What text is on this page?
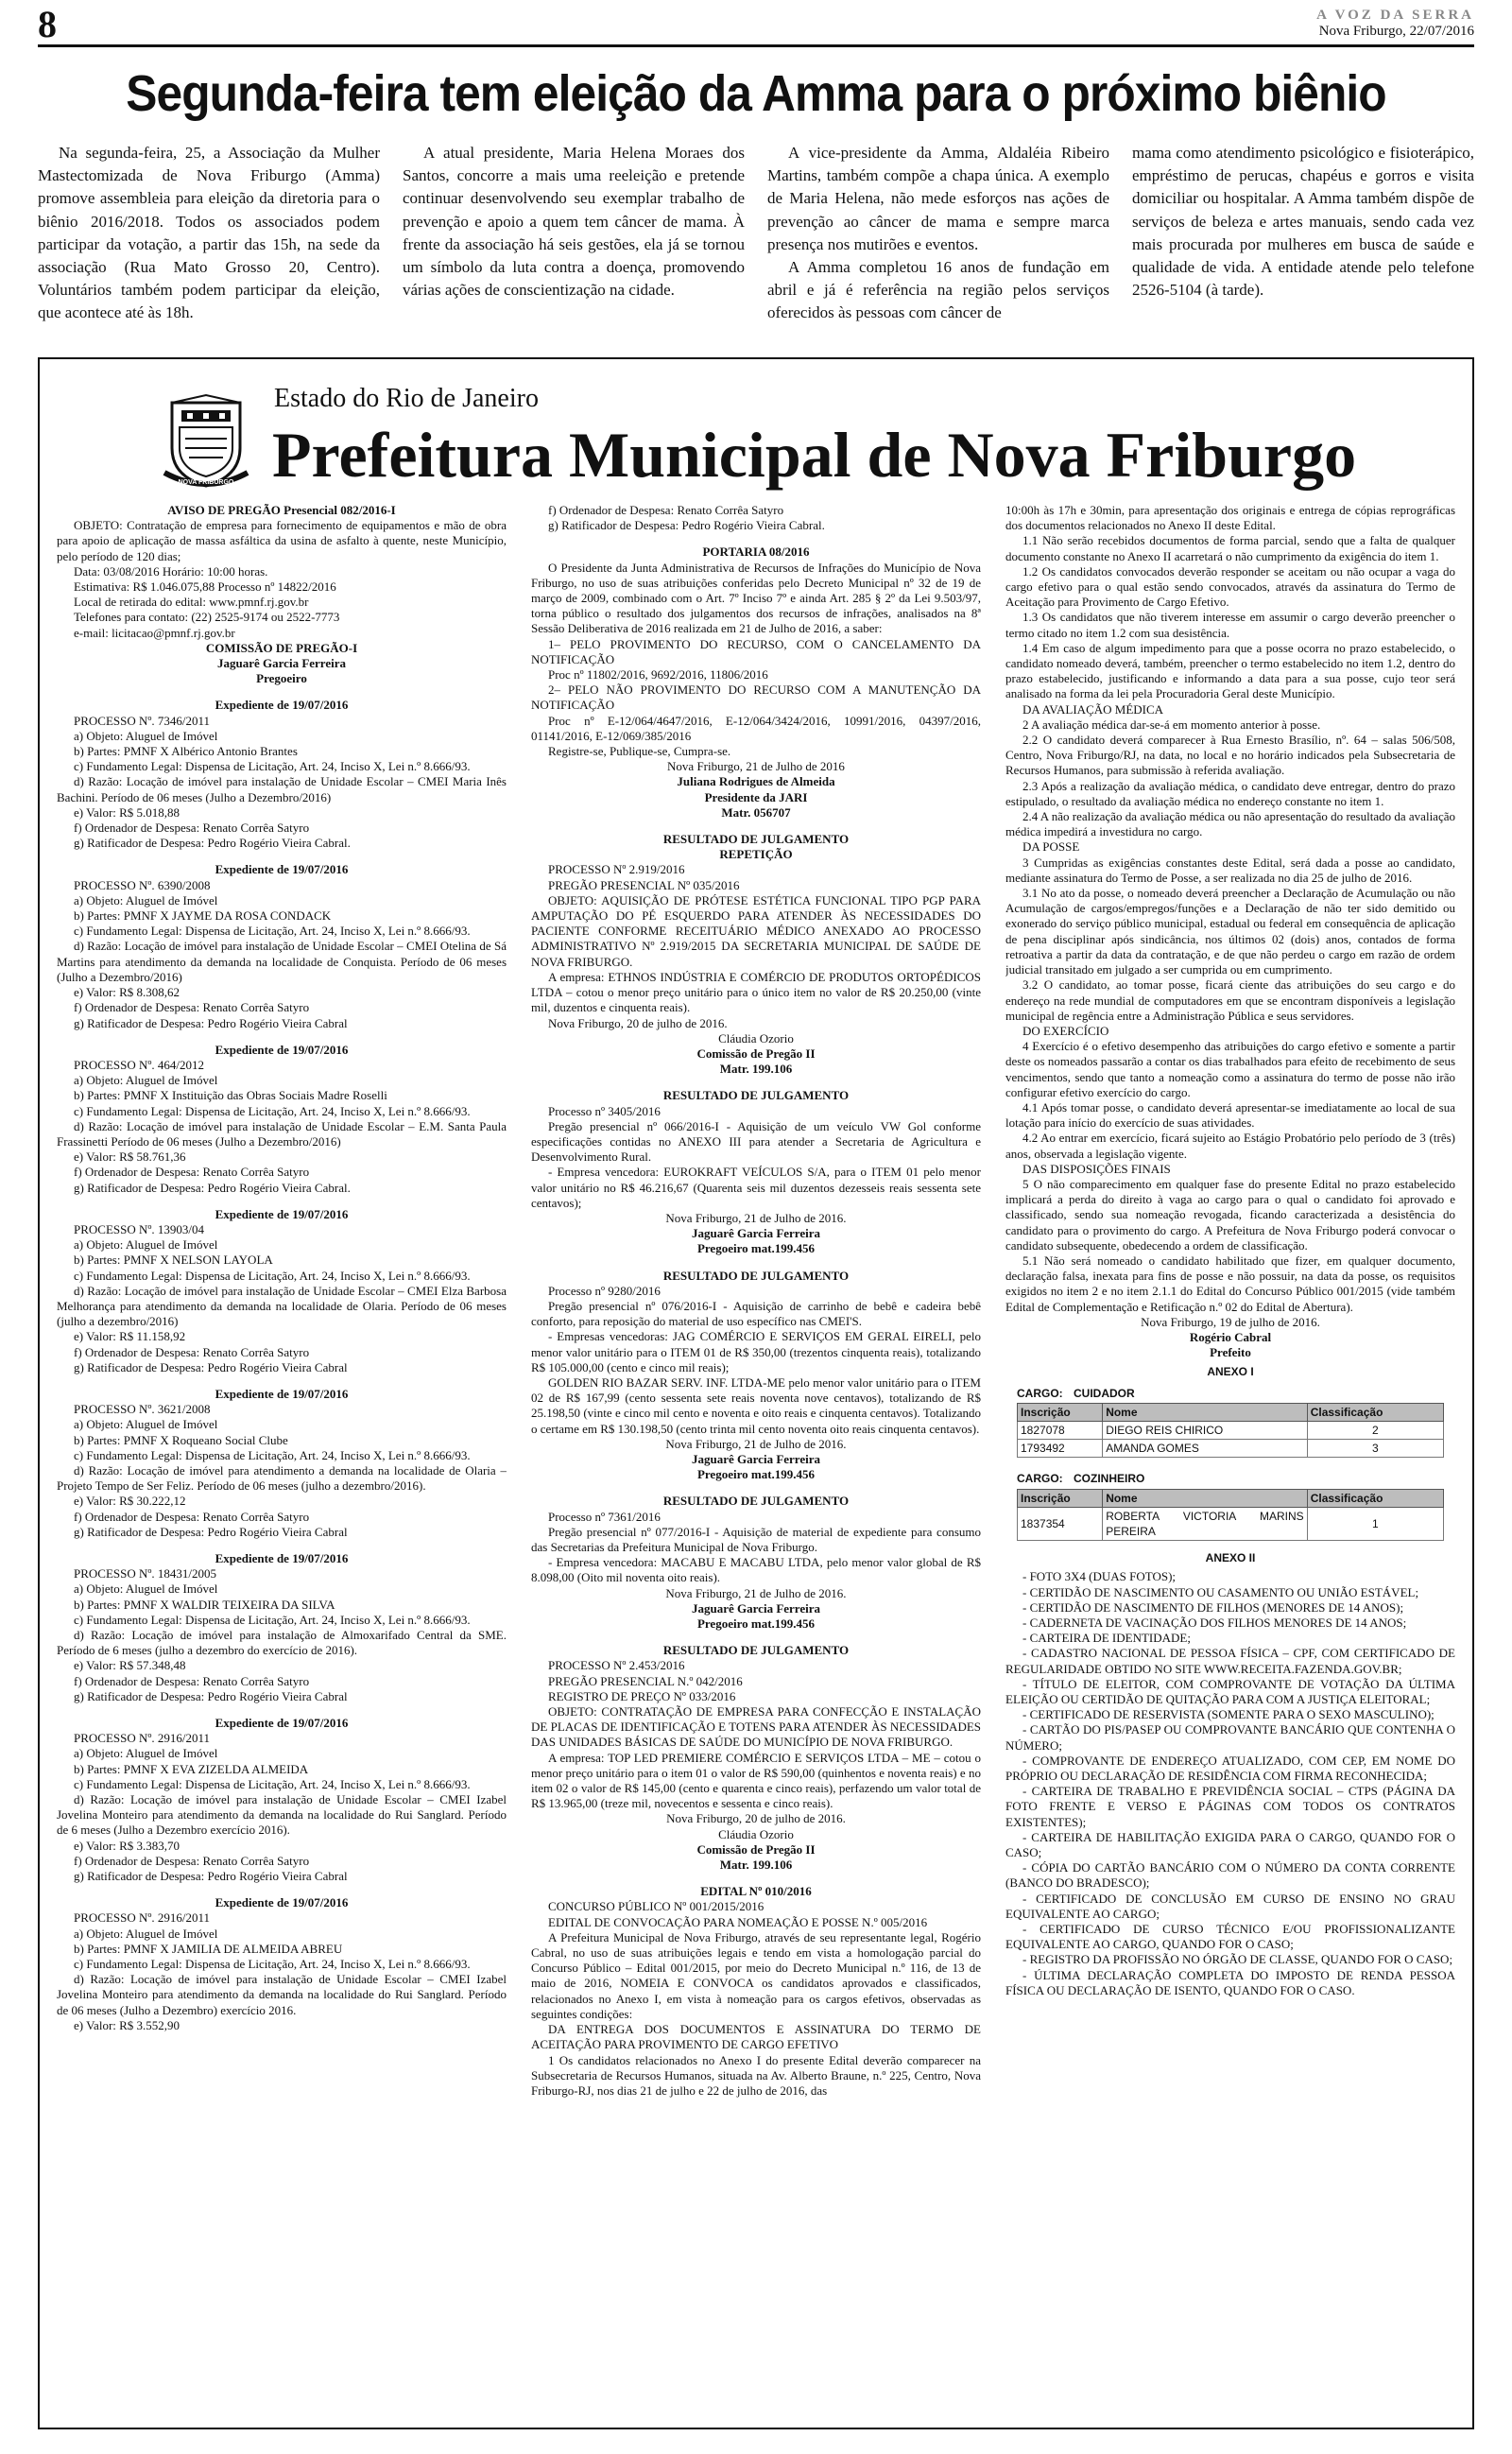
8	A VOZ DA SERRA
Nova Friburgo, 22/07/2016
Segunda-feira tem eleição da Amma para o próximo biênio

Na segunda-feira, 25, a Associação da Mulher Mastectomizada de Nova Friburgo (Amma) promove assembleia para eleição da diretoria para o biênio 2016/2018. Todos os associados podem participar da votação, a partir das 15h, na sede da associação (Rua Mato Grosso 20, Centro). Voluntários também podem participar da eleição, que acontece até às 18h.

A atual presidente, Maria Helena Moraes dos Santos, concorre a mais uma reeleição e pretende continuar desenvolvendo seu exemplar trabalho de prevenção e apoio a quem tem câncer de mama. À frente da associação há seis gestões, ela já se tornou um símbolo da luta contra a doença, promovendo várias ações de conscientização na cidade.

A vice-presidente da Amma, Aldaléia Ribeiro Martins, também compõe a chapa única. A exemplo de Maria Helena, não mede esforços nas ações de prevenção ao câncer de mama e sempre marca presença nos mutirões e eventos.

A Amma completou 16 anos de fundação em abril e já é referência na região pelos serviços oferecidos às pessoas com câncer de

mama como atendimento psicológico e fisioterápico, empréstimo de perucas, chapéus e gorros e visita domiciliar ou hospitalar. A Amma também dispõe de serviços de beleza e artes manuais, sendo cada vez mais procurada por mulheres em busca de saúde e qualidade de vida. A entidade atende pelo telefone 2526-5104 (à tarde).

NOVA FRIBURGO
Estado do Rio de Janeiro
Prefeitura Municipal de Nova Friburgo
AVISO DE PREGÃO Presencial 082/2016-I
OBJETO: Contratação de empresa para fornecimento de equipamentos e mão de obra para apoio de aplicação de massa asfáltica da usina de asfalto à quente, neste Município, pelo período de 120 dias;
Data: 03/08/2016 Horário: 10:00 horas.
Estimativa: R$ 1.046.075,88 Processo nº 14822/2016
Local de retirada do edital: www.pmnf.rj.gov.br
Telefones para contato: (22) 2525-9174 ou 2522-7773
e-mail: licitacao@pmnf.rj.gov.br
COMISSÃO DE PREGÃO-I
Jaguarê Garcia Ferreira
Pregoeiro
Expediente de 19/07/2016
PROCESSO Nº. 7346/2011
a) Objeto: Aluguel de Imóvel
b) Partes: PMNF X Albérico Antonio Brantes
c) Fundamento Legal: Dispensa de Licitação, Art. 24, Inciso X, Lei n.º 8.666/93.
d) Razão: Locação de imóvel para instalação de Unidade Escolar – CMEI Maria Inês Bachini. Período de 06 meses (Julho a Dezembro/2016)
e) Valor: R$ 5.018,88
f) Ordenador de Despesa: Renato Corrêa Satyro
g) Ratificador de Despesa: Pedro Rogério Vieira Cabral.
Expediente de 19/07/2016
PROCESSO Nº. 6390/2008
a) Objeto: Aluguel de Imóvel
b) Partes: PMNF X JAYME DA ROSA CONDACK
c) Fundamento Legal: Dispensa de Licitação, Art. 24, Inciso X, Lei n.º 8.666/93.
d) Razão: Locação de imóvel para instalação de Unidade Escolar – CMEI Otelina de Sá Martins para atendimento da demanda na localidade de Conquista. Período de 06 meses (Julho a Dezembro/2016)
e) Valor: R$ 8.308,62
f) Ordenador de Despesa: Renato Corrêa Satyro
g) Ratificador de Despesa: Pedro Rogério Vieira Cabral
Expediente de 19/07/2016
PROCESSO Nº. 464/2012
a) Objeto: Aluguel de Imóvel
b) Partes: PMNF X Instituição das Obras Sociais Madre Roselli
c) Fundamento Legal: Dispensa de Licitação, Art. 24, Inciso X, Lei n.º 8.666/93.
d) Razão: Locação de imóvel para instalação de Unidade Escolar – E.M. Santa Paula Frassinetti Período de 06 meses (Julho a Dezembro/2016)
e) Valor: R$ 58.761,36
f) Ordenador de Despesa: Renato Corrêa Satyro
g) Ratificador de Despesa: Pedro Rogério Vieira Cabral.
Expediente de 19/07/2016
PROCESSO Nº. 13903/04
a) Objeto: Aluguel de Imóvel
b) Partes: PMNF X NELSON LAYOLA
c) Fundamento Legal: Dispensa de Licitação, Art. 24, Inciso X, Lei n.º 8.666/93.
d) Razão: Locação de imóvel para instalação de Unidade Escolar – CMEI Elza Barbosa Melhorança para atendimento da demanda na localidade de Olaria. Período de 06 meses (julho a dezembro/2016)
e) Valor: R$ 11.158,92
f) Ordenador de Despesa: Renato Corrêa Satyro
g) Ratificador de Despesa: Pedro Rogério Vieira Cabral
Expediente de 19/07/2016
PROCESSO Nº. 3621/2008
a) Objeto: Aluguel de Imóvel
b) Partes: PMNF X Roqueano Social Clube
c) Fundamento Legal: Dispensa de Licitação, Art. 24, Inciso X, Lei n.º 8.666/93.
d) Razão: Locação de imóvel para atendimento a demanda na localidade de Olaria – Projeto Tempo de Ser Feliz. Período de 06 meses (julho a dezembro/2016).
e) Valor: R$ 30.222,12
f) Ordenador de Despesa: Renato Corrêa Satyro
g) Ratificador de Despesa: Pedro Rogério Vieira Cabral
Expediente de 19/07/2016
PROCESSO Nº. 18431/2005
a) Objeto: Aluguel de Imóvel
b) Partes: PMNF X WALDIR TEIXEIRA DA SILVA
c) Fundamento Legal: Dispensa de Licitação, Art. 24, Inciso X, Lei n.º 8.666/93.
d) Razão: Locação de imóvel para instalação de Almoxarifado Central da SME. Período de 6 meses (julho a dezembro do exercício de 2016).
e) Valor: R$ 57.348,48
f) Ordenador de Despesa: Renato Corrêa Satyro
g) Ratificador de Despesa: Pedro Rogério Vieira Cabral
Expediente de 19/07/2016
PROCESSO Nº. 2916/2011
a) Objeto: Aluguel de Imóvel
b) Partes: PMNF X EVA ZIZELDA ALMEIDA
c) Fundamento Legal: Dispensa de Licitação, Art. 24, Inciso X, Lei n.º 8.666/93.
d) Razão: Locação de imóvel para instalação de Unidade Escolar – CMEI Izabel Jovelina Monteiro para atendimento da demanda na localidade do Rui Sanglard. Período de 6 meses (Julho a Dezembro exercício 2016).
e) Valor: R$ 3.383,70
f) Ordenador de Despesa: Renato Corrêa Satyro
g) Ratificador de Despesa: Pedro Rogério Vieira Cabral
Expediente de 19/07/2016
PROCESSO Nº. 2916/2011
a) Objeto: Aluguel de Imóvel
b) Partes: PMNF X JAMILIA DE ALMEIDA ABREU
c) Fundamento Legal: Dispensa de Licitação, Art. 24, Inciso X, Lei n.º 8.666/93.
d) Razão: Locação de imóvel para instalação de Unidade Escolar – CMEI Izabel Jovelina Monteiro para atendimento da demanda na localidade do Rui Sanglard. Período de 06 meses (Julho a Dezembro) exercício 2016.
e) Valor: R$ 3.552,90
f) Ordenador de Despesa: Renato Corrêa Satyro
g) Ratificador de Despesa: Pedro Rogério Vieira Cabral.
PORTARIA 08/2016
O Presidente da Junta Administrativa de Recursos de Infrações do Município de Nova Friburgo, no uso de suas atribuições conferidas pelo Decreto Municipal nº 32 de 19 de março de 2009, combinado com o Art. 7º Inciso 7º e ainda Art. 285 § 2º da Lei 9.503/97, torna público o resultado dos julgamentos dos recursos de infrações, analisados na 8ª Sessão Deliberativa de 2016 realizada em 21 de Julho de 2016, a saber:
1– PELO PROVIMENTO DO RECURSO, COM O CANCELAMENTO DA NOTIFICAÇÃO
Proc nº 11802/2016, 9692/2016, 11806/2016
2– PELO NÃO PROVIMENTO DO RECURSO COM A MANUTENÇÃO DA NOTIFICAÇÃO
Proc nº E-12/064/4647/2016, E-12/064/3424/2016, 10991/2016, 04397/2016, 01141/2016, E-12/069/385/2016
Registre-se, Publique-se, Cumpra-se.
Nova Friburgo, 21 de Julho de 2016
Juliana Rodrigues de Almeida
Presidente da JARI
Matr. 056707
RESULTADO DE JULGAMENTO
REPETIÇÃO
PROCESSO Nº 2.919/2016
PREGÃO PRESENCIAL Nº 035/2016
OBJETO: AQUISIÇÃO DE PRÓTESE ESTÉTICA FUNCIONAL TIPO PGP PARA AMPUTAÇÃO DO PÉ ESQUERDO PARA ATENDER ÀS NECESSIDADES DO PACIENTE CONFORME RECEITUÁRIO MÉDICO ANEXADO AO PROCESSO ADMINISTRATIVO Nº 2.919/2015 DA SECRETARIA MUNICIPAL DE SAÚDE DE NOVA FRIBURGO.
A empresa: ETHNOS INDÚSTRIA E COMÉRCIO DE PRODUTOS ORTOPÉDICOS LTDA – cotou o menor preço unitário para o único item no valor de R$ 20.250,00 (vinte mil, duzentos e cinquenta reais).
Nova Friburgo, 20 de julho de 2016.
Cláudia Ozorio
Comissão de Pregão II
Matr. 199.106
RESULTADO DE JULGAMENTO
Processo nº 3405/2016
Pregão presencial nº 066/2016-I - Aquisição de um veículo VW Gol conforme especificações contidas no ANEXO III para atender a Secretaria de Agricultura e Desenvolvimento Rural.
- Empresa vencedora: EUROKRAFT VEÍCULOS S/A, para o ITEM 01 pelo menor valor unitário no R$ 46.216,67 (Quarenta seis mil duzentos dezesseis reais sessenta sete centavos);
Nova Friburgo, 21 de Julho de 2016.
Jaguarê Garcia Ferreira
Pregoeiro mat.199.456
RESULTADO DE JULGAMENTO
Processo nº 9280/2016
Pregão presencial nº 076/2016-I - Aquisição de carrinho de bebê e cadeira bebê conforto, para reposição do material de uso específico nas CMEI'S.
- Empresas vencedoras: JAG COMÉRCIO E SERVIÇOS EM GERAL EIRELI, pelo menor valor unitário para o ITEM 01 de R$ 350,00 (trezentos cinquenta reais), totalizando R$ 105.000,00 (cento e cinco mil reais);
GOLDEN RIO BAZAR SERV. INF. LTDA-ME pelo menor valor unitário para o ITEM 02 de R$ 167,99 (cento sessenta sete reais noventa nove centavos), totalizando de R$ 25.198,50 (vinte e cinco mil cento e noventa e oito reais e cinquenta centavos). Totalizando o certame em R$ 130.198,50 (cento trinta mil cento noventa oito reais cinquenta centavos).
Nova Friburgo, 21 de Julho de 2016.
Jaguarê Garcia Ferreira
Pregoeiro mat.199.456
RESULTADO DE JULGAMENTO
Processo nº 7361/2016
Pregão presencial nº 077/2016-I - Aquisição de material de expediente para consumo das Secretarias da Prefeitura Municipal de Nova Friburgo.
- Empresa vencedora: MACABU E MACABU LTDA, pelo menor valor global de R$ 8.098,00 (Oito mil noventa oito reais).
Nova Friburgo, 21 de Julho de 2016.
Jaguarê Garcia Ferreira
Pregoeiro mat.199.456
RESULTADO DE JULGAMENTO
PROCESSO Nº 2.453/2016
PREGÃO PRESENCIAL N.º 042/2016
REGISTRO DE PREÇO Nº 033/2016
OBJETO: CONTRATAÇÃO DE EMPRESA PARA CONFECÇÃO E INSTALAÇÃO DE PLACAS DE IDENTIFICAÇÃO E TOTENS PARA ATENDER ÀS NECESSIDADES DAS UNIDADES BÁSICAS DE SAÚDE DO MUNICÍPIO DE NOVA FRIBURGO.
A empresa: TOP LED PREMIERE COMÉRCIO E SERVIÇOS LTDA – ME – cotou o menor preço unitário para o item 01 o valor de R$ 590,00 (quinhentos e noventa reais) e no item 02 o valor de R$ 145,00 (cento e quarenta e cinco reais), perfazendo um valor total de R$ 13.965,00 (treze mil, novecentos e sessenta e cinco reais).
Nova Friburgo, 20 de julho de 2016.
Cláudia Ozorio
Comissão de Pregão II
Matr. 199.106
EDITAL Nº 010/2016
CONCURSO PÚBLICO Nº 001/2015/2016
EDITAL DE CONVOCAÇÃO PARA NOMEAÇÃO E POSSE N.º 005/2016
A Prefeitura Municipal de Nova Friburgo, através de seu representante legal, Rogério Cabral, no uso de suas atribuições legais e tendo em vista a homologação parcial do Concurso Público – Edital 001/2015, por meio do Decreto Municipal n.º 116, de 13 de maio de 2016, NOMEIA E CONVOCA os candidatos aprovados e classificados, relacionados no Anexo I, em vista à nomeação para os cargos efetivos, observadas as seguintes condições:
DA ENTREGA DOS DOCUMENTOS E ASSINATURA DO TERMO DE ACEITAÇÃO PARA PROVIMENTO DE CARGO EFETIVO
1 Os candidatos relacionados no Anexo I do presente Edital deverão comparecer na Subsecretaria de Recursos Humanos, situada na Av. Alberto Braune, n.º 225, Centro, Nova Friburgo-RJ, nos dias 21 de julho e 22 de julho de 2016, das
10:00h às 17h e 30min, para apresentação dos originais e entrega de cópias reprográficas dos documentos relacionados no Anexo II deste Edital.
1.1 Não serão recebidos documentos de forma parcial, sendo que a falta de qualquer documento constante no Anexo II acarretará o não cumprimento da exigência do item 1.
1.2 Os candidatos convocados deverão responder se aceitam ou não ocupar a vaga do cargo efetivo para o qual estão sendo convocados, através da assinatura do Termo de Aceitação para Provimento de Cargo Efetivo.
1.3 Os candidatos que não tiverem interesse em assumir o cargo deverão preencher o termo citado no item 1.2 com sua desistência.
1.4 Em caso de algum impedimento para que a posse ocorra no prazo estabelecido, o candidato nomeado deverá, também, preencher o termo estabelecido no item 1.2, dentro do prazo estabelecido, justificando e informando a data para a sua posse, cujo teor será analisado na forma da lei pela Procuradoria Geral deste Município.
DA AVALIAÇÃO MÉDICA
2 A avaliação médica dar-se-á em momento anterior à posse.
2.2 O candidato deverá comparecer à Rua Ernesto Brasílio, nº. 64 – salas 506/508, Centro, Nova Friburgo/RJ, na data, no local e no horário indicados pela Subsecretaria de Recursos Humanos, para submissão à referida avaliação.
2.3 Após a realização da avaliação médica, o candidato deve entregar, dentro do prazo estipulado, o resultado da avaliação médica no endereço constante no item 1.
2.4 A não realização da avaliação médica ou não apresentação do resultado da avaliação médica impedirá a investidura no cargo.
DA POSSE
3 Cumpridas as exigências constantes deste Edital, será dada a posse ao candidato, mediante assinatura do Termo de Posse, a ser realizada no dia 25 de julho de 2016.
3.1 No ato da posse, o nomeado deverá preencher a Declaração de Acumulação ou não Acumulação de cargos/empregos/funções e a Declaração de não ter sido demitido ou exonerado do serviço público municipal, estadual ou federal em consequência de aplicação de pena disciplinar após sindicância, nos últimos 02 (dois) anos, contados de forma retroativa a partir da data da contratação, e de que não perdeu o cargo em razão de ordem judicial transitado em julgado a ser cumprida ou em cumprimento.
3.2 O candidato, ao tomar posse, ficará ciente das atribuições do seu cargo e do endereço na rede mundial de computadores em que se encontram disponíveis a legislação municipal de regência entre a Administração Pública e seus servidores.
DO EXERCÍCIO
4 Exercício é o efetivo desempenho das atribuições do cargo efetivo e somente a partir deste os nomeados passarão a contar os dias trabalhados para efeito de recebimento de seus vencimentos, sendo que tanto a nomeação como a assinatura do termo de posse não irão configurar efetivo exercício do cargo.
4.1 Após tomar posse, o candidato deverá apresentar-se imediatamente ao local de sua lotação para início do exercício de suas atividades.
4.2 Ao entrar em exercício, ficará sujeito ao Estágio Probatório pelo período de 3 (três) anos, observada a legislação vigente.
DAS DISPOSIÇÕES FINAIS
5 O não comparecimento em qualquer fase do presente Edital no prazo estabelecido implicará a perda do direito à vaga ao cargo para o qual o candidato foi aprovado e classificado, sendo sua nomeação revogada, ficando caracterizada a desistência do candidato para o provimento do cargo. A Prefeitura de Nova Friburgo poderá convocar o candidato subsequente, obedecendo a ordem de classificação.
5.1 Não será nomeado o candidato habilitado que fizer, em qualquer documento, declaração falsa, inexata para fins de posse e não possuir, na data da posse, os requisitos exigidos no item 2 e no item 2.1.1 do Edital do Concurso Público 001/2015 (vide também Edital de Complementação e Retificação n.º 02 do Edital de Abertura).
Nova Friburgo, 19 de julho de 2016.
Rogério Cabral
Prefeito
ANEXO I
CARGO: CUIDADOR
Inscrição	Nome	Classificação
1827078	DIEGO REIS CHIRICO	2
1793492	AMANDA GOMES	3
CARGO: COZINHEIRO
Inscrição	Nome	Classificação
1837354	ROBERTA VICTORIA MARINS PEREIRA	1
ANEXO II
- FOTO 3X4 (DUAS FOTOS);
- CERTIDÃO DE NASCIMENTO OU CASAMENTO OU UNIÃO ESTÁVEL;
- CERTIDÃO DE NASCIMENTO DE FILHOS (MENORES DE 14 ANOS);
- CADERNETA DE VACINAÇÃO DOS FILHOS MENORES DE 14 ANOS;
- CARTEIRA DE IDENTIDADE;
- CADASTRO NACIONAL DE PESSOA FÍSICA – CPF, COM CERTIFICADO DE REGULARIDADE OBTIDO NO SITE WWW.RECEITA.FAZENDA.GOV.BR;
- TÍTULO DE ELEITOR, COM COMPROVANTE DE VOTAÇÃO DA ÚLTIMA ELEIÇÃO OU CERTIDÃO DE QUITAÇÃO PARA COM A JUSTIÇA ELEITORAL;
- CERTIFICADO DE RESERVISTA (SOMENTE PARA O SEXO MASCULINO);
- CARTÃO DO PIS/PASEP OU COMPROVANTE BANCÁRIO QUE CONTENHA O NÚMERO;
- COMPROVANTE DE ENDEREÇO ATUALIZADO, COM CEP, EM NOME DO PRÓPRIO OU DECLARAÇÃO DE RESIDÊNCIA COM FIRMA RECONHECIDA;
- CARTEIRA DE TRABALHO E PREVIDÊNCIA SOCIAL – CTPS (PÁGINA DA FOTO FRENTE E VERSO E PÁGINAS COM TODOS OS CONTRATOS EXISTENTES);
- CARTEIRA DE HABILITAÇÃO EXIGIDA PARA O CARGO, QUANDO FOR O CASO;
- CÓPIA DO CARTÃO BANCÁRIO COM O NÚMERO DA CONTA CORRENTE (BANCO DO BRADESCO);
- CERTIFICADO DE CONCLUSÃO EM CURSO DE ENSINO NO GRAU EQUIVALENTE AO CARGO;
- CERTIFICADO DE CURSO TÉCNICO E/OU PROFISSIONALIZANTE EQUIVALENTE AO CARGO, QUANDO FOR O CASO;
- REGISTRO DA PROFISSÃO NO ÓRGÃO DE CLASSE, QUANDO FOR O CASO;
- ÚLTIMA DECLARAÇÃO COMPLETA DO IMPOSTO DE RENDA PESSOA FÍSICA OU DECLARAÇÃO DE ISENTO, QUANDO FOR O CASO.
